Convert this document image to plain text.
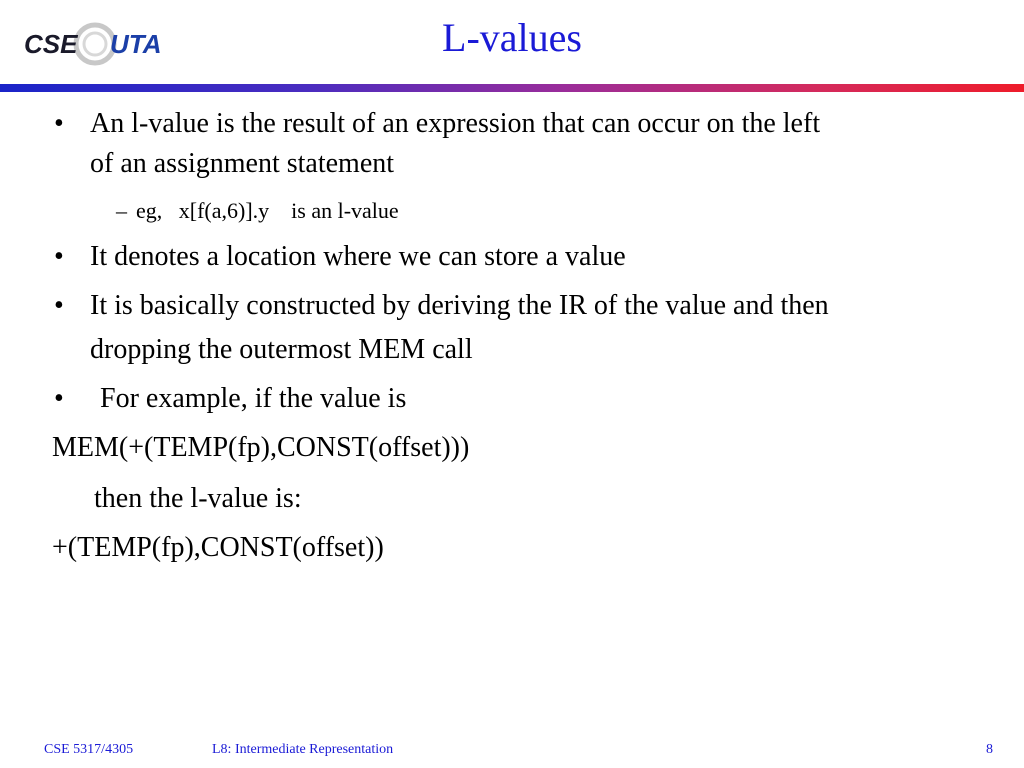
CSE UTA	L-values
• An l-value is the result of an expression that can occur on the left
of an assignment statement
– eg,   x[f(a,6)].y    is an l-value
• It denotes a location where we can store a value
• It is basically constructed by deriving the IR of the value and then
dropping the outermost MEM call
• For example, if the value is
MEM(+(TEMP(fp),CONST(offset)))
then the l-value is:
+(TEMP(fp),CONST(offset))
CSE 5317/4305	L8: Intermediate Representation	8
